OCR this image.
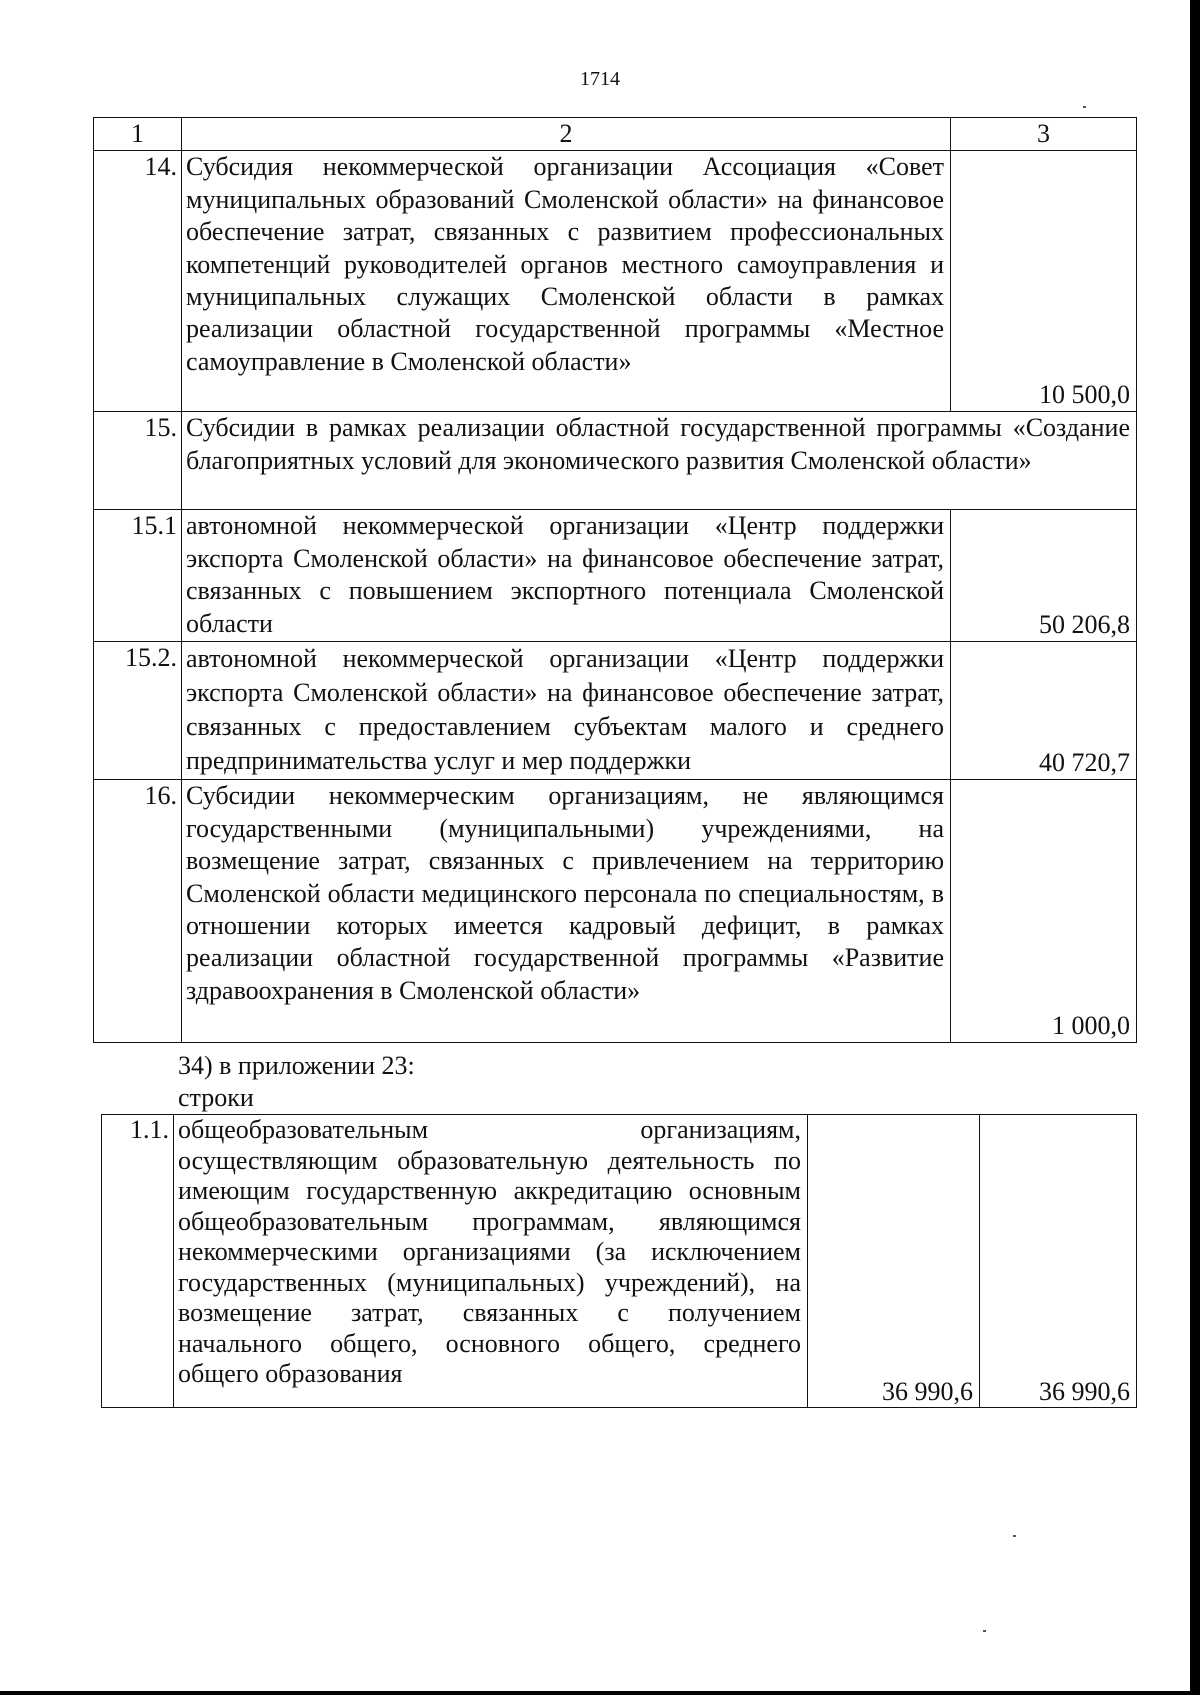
1714
1	2	3
14.	Субсидия некоммерческой организации Ассоциация «Совет муниципальных образований Смоленской области» на финансовое обеспечение затрат, связанных с развитием профессиональных компетенций руководителей органов местного самоуправления и муниципальных служащих Смоленской области в рамках реализации областной государственной программы «Местное самоуправление в Смоленской области»	10 500,0
15.	Субсидии в рамках реализации областной государственной программы «Создание благоприятных условий для экономического развития Смоленской области»	
15.1	автономной некоммерческой организации «Центр поддержки экспорта Смоленской области» на финансовое обеспечение затрат, связанных с повышением экспортного потенциала Смоленской области	50 206,8
15.2.	автономной некоммерческой организации «Центр поддержки экспорта Смоленской области» на финансовое обеспечение затрат, связанных с предоставлением субъектам малого и среднего предпринимательства услуг и мер поддержки	40 720,7
16.	Субсидии некоммерческим организациям, не являющимся государственными (муниципальными) учреждениями, на возмещение затрат, связанных с привлечением на территорию Смоленской области медицинского персонала по специальностям, в отношении которых имеется кадровый дефицит, в рамках реализации областной государственной программы «Развитие здравоохранения в Смоленской области»	1 000,0
34) в приложении 23:
строки
1.1.	общеобразовательным организациям, осуществляющим образовательную деятельность по имеющим государственную аккредитацию основным общеобразовательным программам, являющимся некоммерческими организациями (за исключением государственных (муниципальных) учреждений), на возмещение затрат, связанных с получением начального общего, основного общего, среднего общего образования	36 990,6	36 990,6
